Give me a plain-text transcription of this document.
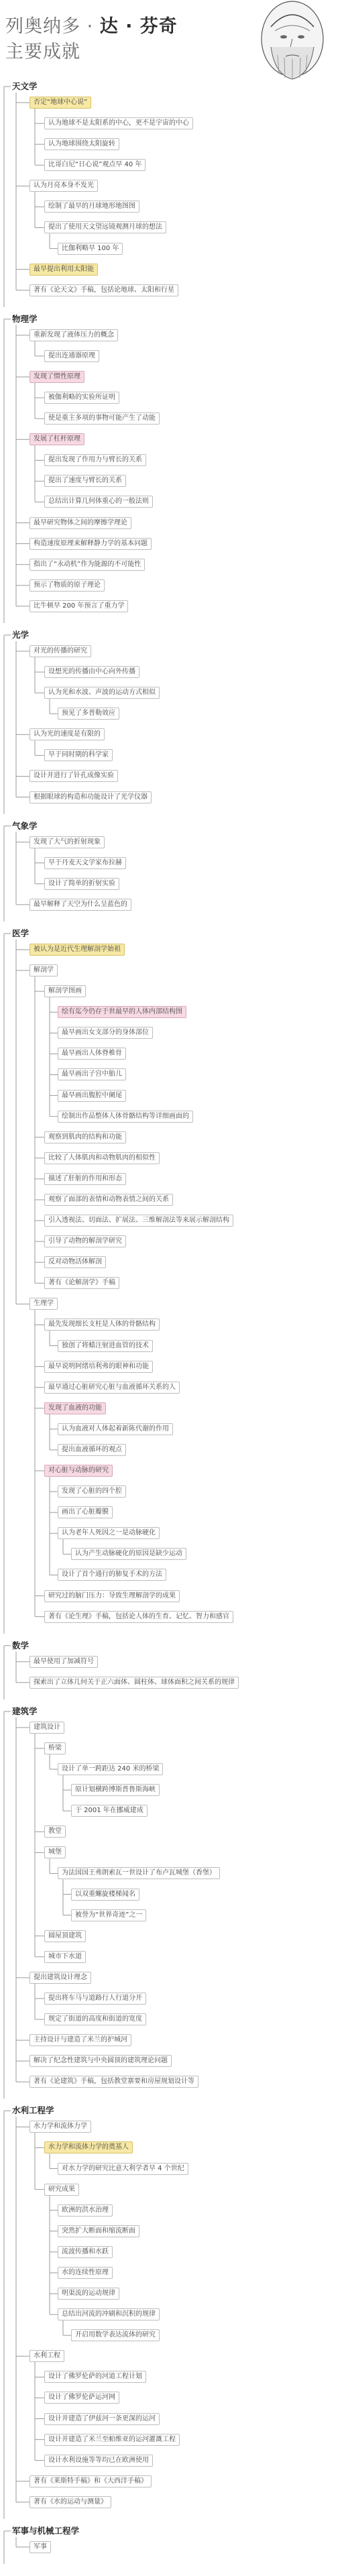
列奥纳多 · 达 · 芬奇
主要成就
天文学
否定“地球中心说”
认为地球不是太阳系的中心，更不是宇宙的中心
认为地球围绕太阳旋转
比哥白尼“日心说”观点早 40 年
认为月亮本身不发光
绘制了最早的月球地形地图图
提出了使用天文望远镜观测月球的想法
比伽利略早 100 年
最早提出利用太阳能
著有《论天文》手稿，包括论地球、太阳和行星
物理学
重新发现了液体压力的概念
提出连通器原理
发现了惯性原理
被伽利略的实验所证明
使是重主多项的事物可能产生了动能
发展了杠杆原理
提出发现了作用力与臂长的关系
提出了速度与臂长的关系
总结出计算几何体重心的一般法则
最早研究物体之间的摩擦学理论
构造速度原理来解释静力学的基本问题
指出了“永动机”作为能源的不可能性
预示了物质的原子理论
比牛顿早 200 年预言了重力学
光学
对光的传播的研究
设想光的传播由中心向外传播
认为光和水波、声波的运动方式相似
预见了多普勒效应
认为光的速度是有限的
早于同时期的科学家
设计并进行了针孔成像实验
根据眼球的构造和功能设计了光学仪器
气象学
发现了大气的折射现象
早于丹麦天文学家布拉赫
设计了简单的折射实验
最早解释了天空为什么呈蓝色的
医学
被认为是近代生理解剖学始祖
解剖学
解剖学图画
绘有迄今仍存于世最早的人体内部结构图
最早画出女支部分的身体部位
最早画出人体脊椎骨
最早画出子宫中胎儿
最早画出腹腔中阑尾
绘制出作品整体人体骨骼结构等详细画面的
观察到肌肉的结构和功能
比较了人体肌肉和动物肌肉的相似性
描述了肝脏的作用和形态
观察了面部的表情和动物表情之间的关系
引入透视法、切面法、扩展法、三维解剖法等来展示解剖结构
引导了动物的解剖学研究
反对动物活体解剖
著有《论解剖学》手稿
生理学
最先发现细长支柱是人体的骨骼结构
独创了将蜡注射进血管的技术
最早说明阿绪培利弗的眼神和功能
最早通过心脏研究心脏与血液循环关系的人
发现了血液的功能
认为血液对人体起着新陈代谢的作用
提出血液循环的观点
对心脏与动脉的研究
发现了心脏的四个腔
画出了心脏瓣膜
认为老年人死因之一是动脉硬化
认为产生动脉硬化的原因是缺少运动
设计了首个通行的肺复手术的方法
研究过的脑门压力：导致生理解剖学的成果
著有《论生理》手稿，包括论人体的生育、记忆、智力和感官
数学
最早使用了加减符号
探索出了立体几何关于正六面体、圆柱体、球体面积之间关系的规律
建筑学
建筑设计
桥梁
设计了单一跨距达 240 米的桥梁
原计划横跨博斯普鲁斯海峡
于 2001 年在挪威建成
教堂
城堡
为法国国王弗朗索瓦一世设计了布卢瓦城堡（香堡）
以双重螺旋楼梯闻名
被誉为“世界奇迹”之一
圆屋顶建筑
城市下水道
提出建筑设计理念
提出将车马与道路行人行道分开
规定了街道的高度和街道的宽度
主持设计与建造了米兰的护城河
解决了纪念性建筑与中央圆顶的建筑理论问题
著有《论建筑》手稿，包括教堂寨要和房屋规划设计等
水利工程学
水力学和流体力学
水力学和流体力学的奠基人
对水力学的研究比意大利学者早 4 个世纪
研究成果
欧洲的洪水治理
突然扩大断面和缩流断面
流波传播和水跃
水的连续性原理
明渠流的运动规律
总结出河流的冲刷和沉积的规律
开启用数学表达流体的研究
水利工程
设计了佛罗伦萨的河道工程计划
设计了佛罗伦萨运河网
设计并建造了伊兹河一条更深的运河
设计并建造了米兰至帕维亚的运河灌溉工程
设计水利设施等等均已在欧洲使用
著有《莱斯特手稿》和《大西洋手稿》
著有《水的运动与测量》
军事与机械工程学
军事
